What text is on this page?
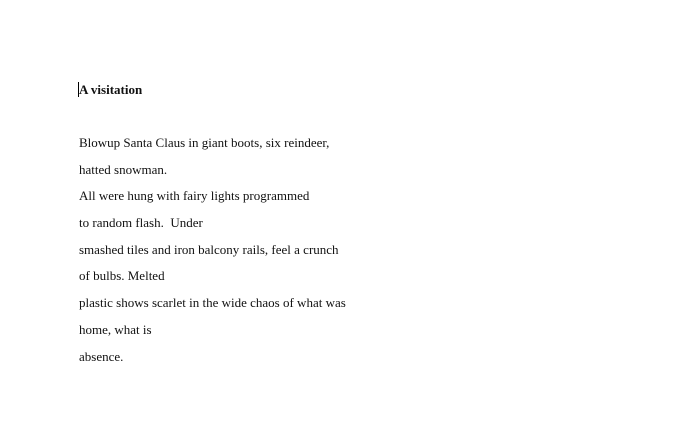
A visitation
Blowup Santa Claus in giant boots, six reindeer,
hatted snowman.
All were hung with fairy lights programmed
to random flash.  Under
smashed tiles and iron balcony rails, feel a crunch
of bulbs. Melted
plastic shows scarlet in the wide chaos of what was
home, what is
absence.
